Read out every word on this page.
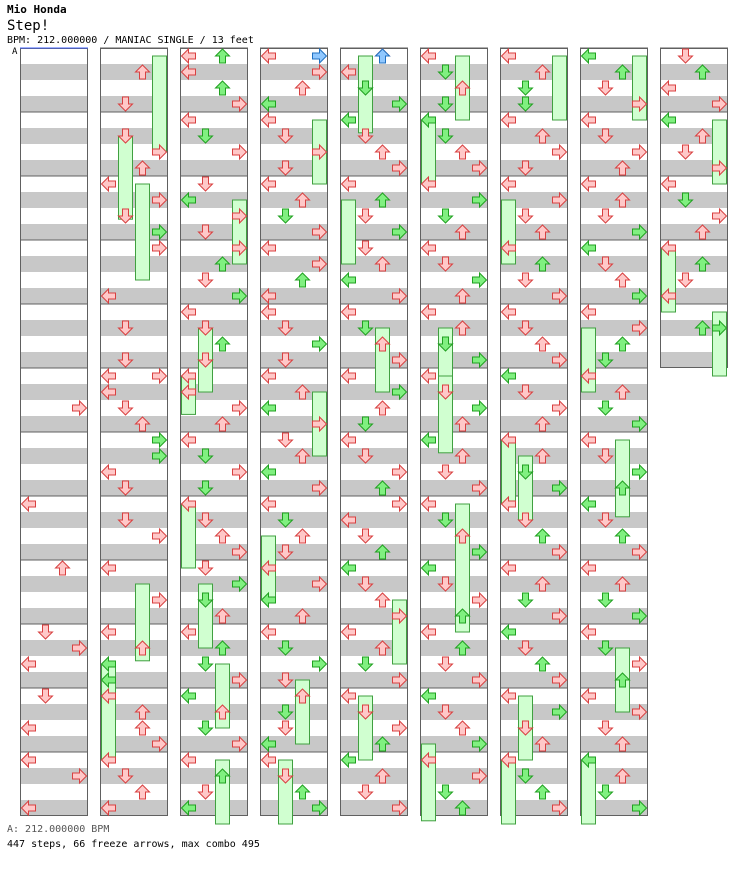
Mio Honda
Step!
BPM: 212.000000 / MANIAC SINGLE / 13 feet
A
A: 212.000000 BPM
447 steps, 66 freeze arrows, max combo 495
